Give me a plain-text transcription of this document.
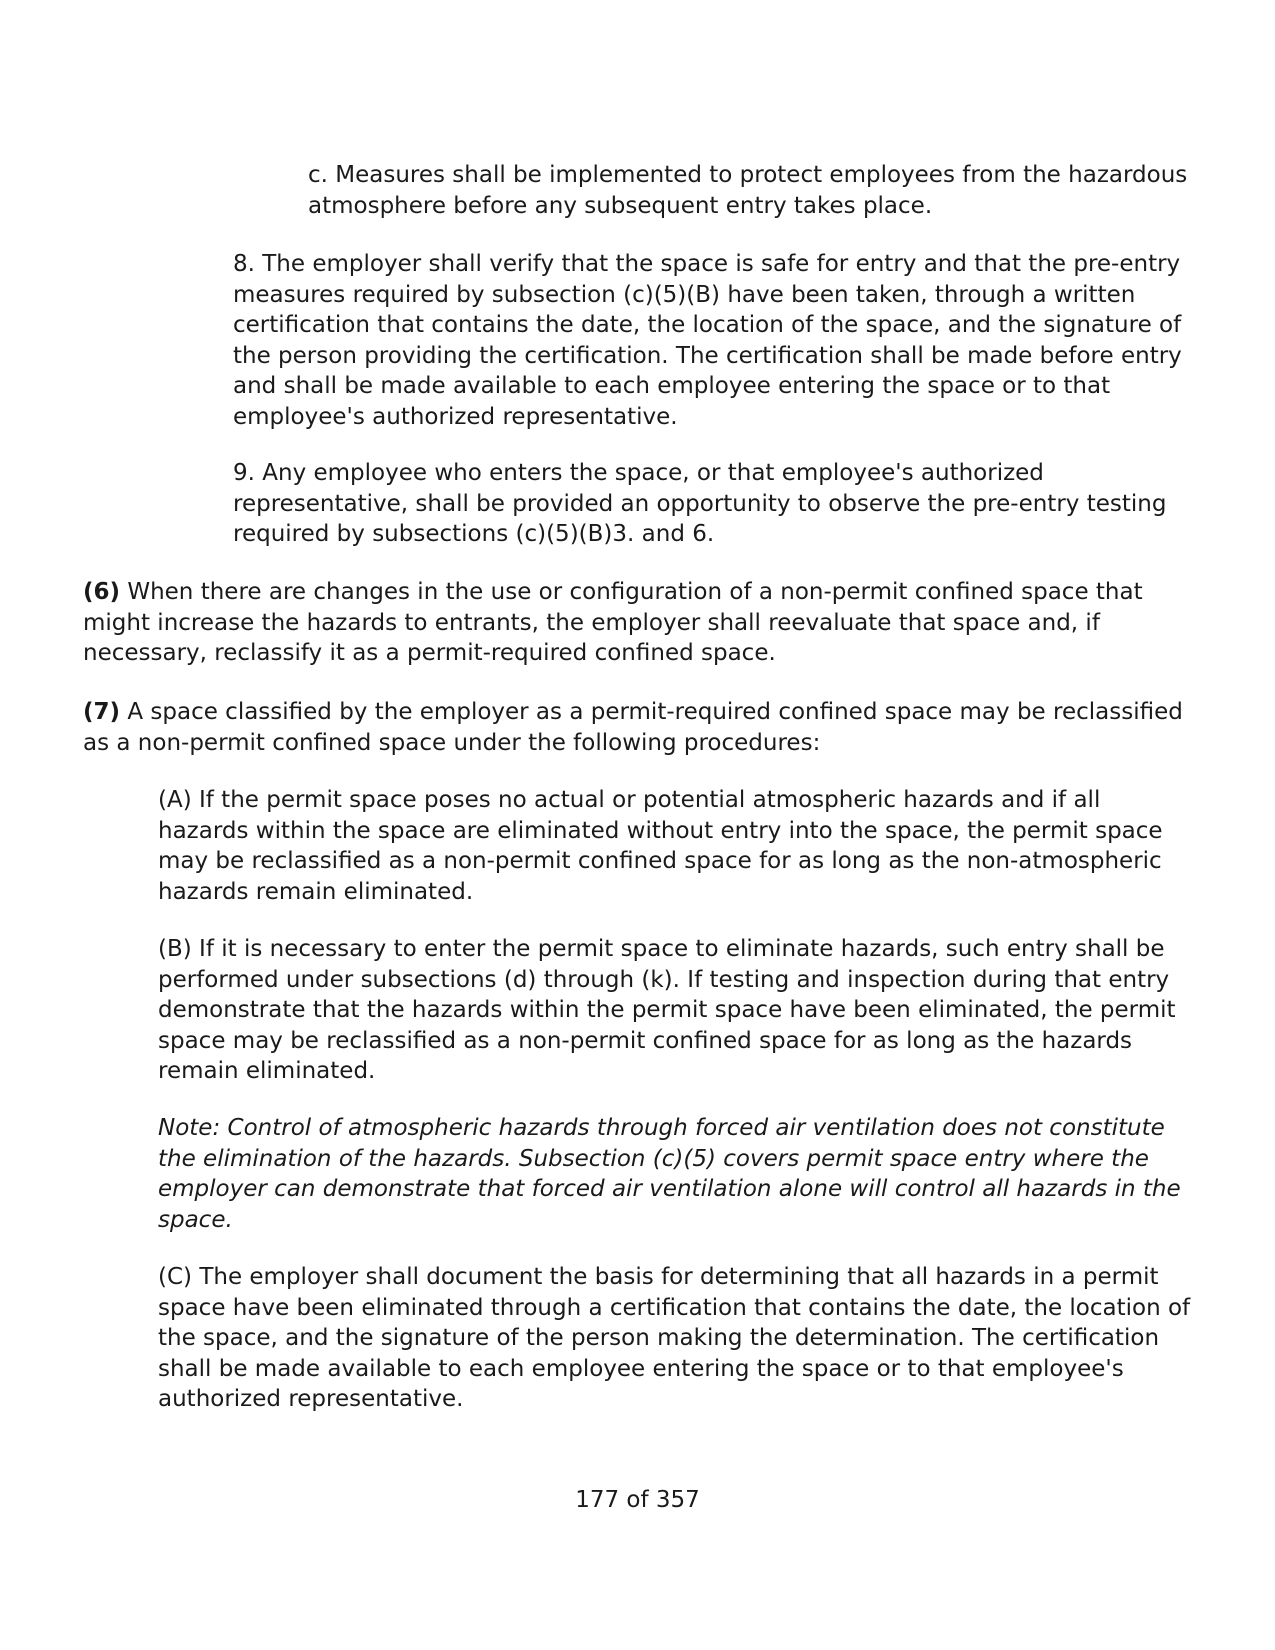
c. Measures shall be implemented to protect employees from the hazardous atmosphere before any subsequent entry takes place.

8. The employer shall verify that the space is safe for entry and that the pre-entry measures required by subsection (c)(5)(B) have been taken, through a written certification that contains the date, the location of the space, and the signature of the person providing the certification. The certification shall be made before entry and shall be made available to each employee entering the space or to that employee's authorized representative.

9. Any employee who enters the space, or that employee's authorized representative, shall be provided an opportunity to observe the pre-entry testing required by subsections (c)(5)(B)3. and 6.

(6) When there are changes in the use or configuration of a non-permit confined space that might increase the hazards to entrants, the employer shall reevaluate that space and, if necessary, reclassify it as a permit-required confined space.

(7) A space classified by the employer as a permit-required confined space may be reclassified as a non-permit confined space under the following procedures:

(A) If the permit space poses no actual or potential atmospheric hazards and if all hazards within the space are eliminated without entry into the space, the permit space may be reclassified as a non-permit confined space for as long as the non-atmospheric hazards remain eliminated.

(B) If it is necessary to enter the permit space to eliminate hazards, such entry shall be performed under subsections (d) through (k). If testing and inspection during that entry demonstrate that the hazards within the permit space have been eliminated, the permit space may be reclassified as a non-permit confined space for as long as the hazards remain eliminated.

Note: Control of atmospheric hazards through forced air ventilation does not constitute the elimination of the hazards. Subsection (c)(5) covers permit space entry where the employer can demonstrate that forced air ventilation alone will control all hazards in the space.

(C) The employer shall document the basis for determining that all hazards in a permit space have been eliminated through a certification that contains the date, the location of the space, and the signature of the person making the determination. The certification shall be made available to each employee entering the space or to that employee's authorized representative.

177 of 357
